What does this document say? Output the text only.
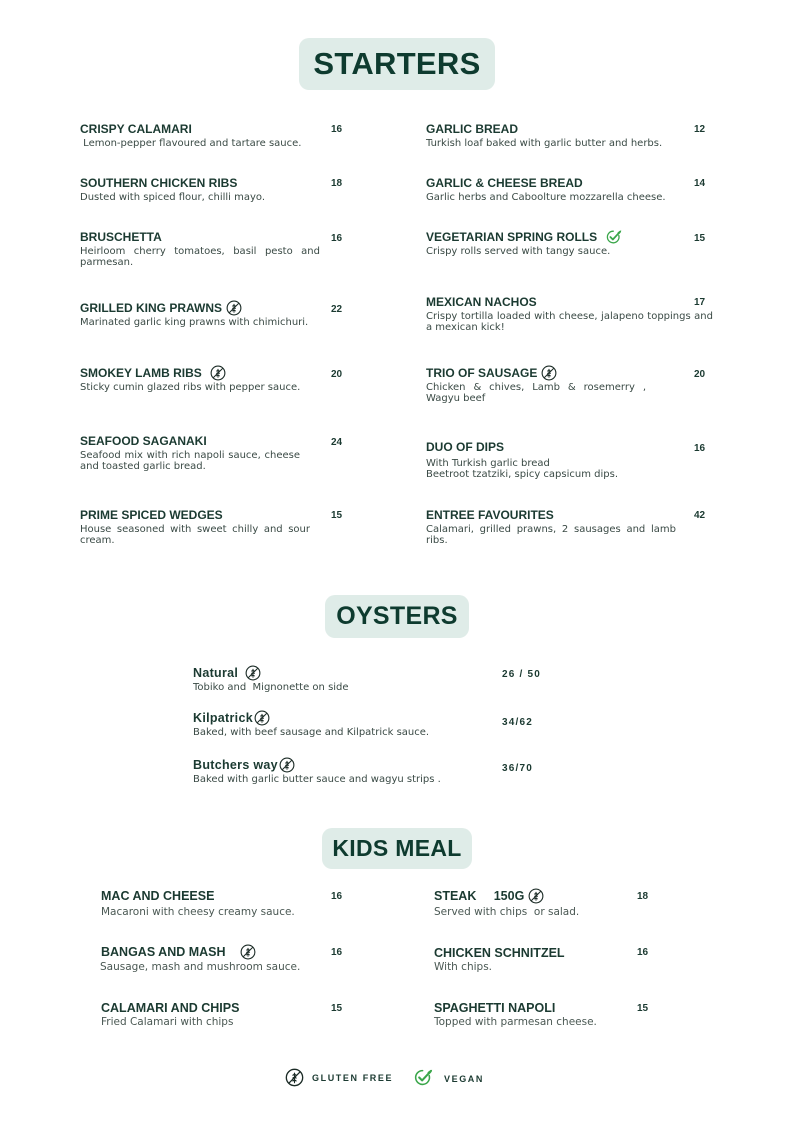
STARTERS
OYSTERS
KIDS MEAL
CRISPY CALAMARI
Lemon-pepper flavoured and tartare sauce.
16
SOUTHERN CHICKEN RIBS
Dusted with spiced flour, chilli mayo.
18
BRUSCHETTA
Heirloom cherry tomatoes, basil pesto and parmesan.
16
GRILLED KING PRAWNS
Marinated garlic king prawns with chimichuri.
22
SMOKEY LAMB RIBS
Sticky cumin glazed ribs with pepper sauce.
20
SEAFOOD SAGANAKI
Seafood mix with rich napoli sauce, cheese and toasted garlic bread.
24
PRIME SPICED WEDGES
House seasoned with sweet chilly and sour cream.
15
GARLIC BREAD
Turkish loaf baked with garlic butter and herbs.
12
GARLIC & CHEESE BREAD
Garlic herbs and Caboolture mozzarella cheese.
14
VEGETARIAN SPRING ROLLS
Crispy rolls served with tangy sauce.
15
MEXICAN NACHOS
Crispy tortilla loaded with cheese, jalapeno toppings and a mexican kick!
17
TRIO OF SAUSAGE
Chicken & chives, Lamb & rosemerry , Wagyu beef
20
DUO OF DIPS
With Turkish garlic bread
Beetroot tzatziki, spicy capsicum dips.
16
ENTREE FAVOURITES
Calamari, grilled prawns, 2 sausages and lamb ribs.
42
Natural
Tobiko and  Mignonette on side
26 / 50
Kilpatrick
Baked, with beef sausage and Kilpatrick sauce.
34/62
Butchers way
Baked with garlic butter sauce and wagyu strips .
36/70
MAC AND CHEESE
Macaroni with cheesy creamy sauce.
16
BANGAS AND MASH
Sausage, mash and mushroom sauce.
16
CALAMARI AND CHIPS
Fried Calamari with chips
15
STEAK     150G
Served with chips  or salad.
18
CHICKEN SCHNITZEL
With chips.
16
SPAGHETTI NAPOLI
Topped with parmesan cheese.
15
GLUTEN FREE	VEGAN
